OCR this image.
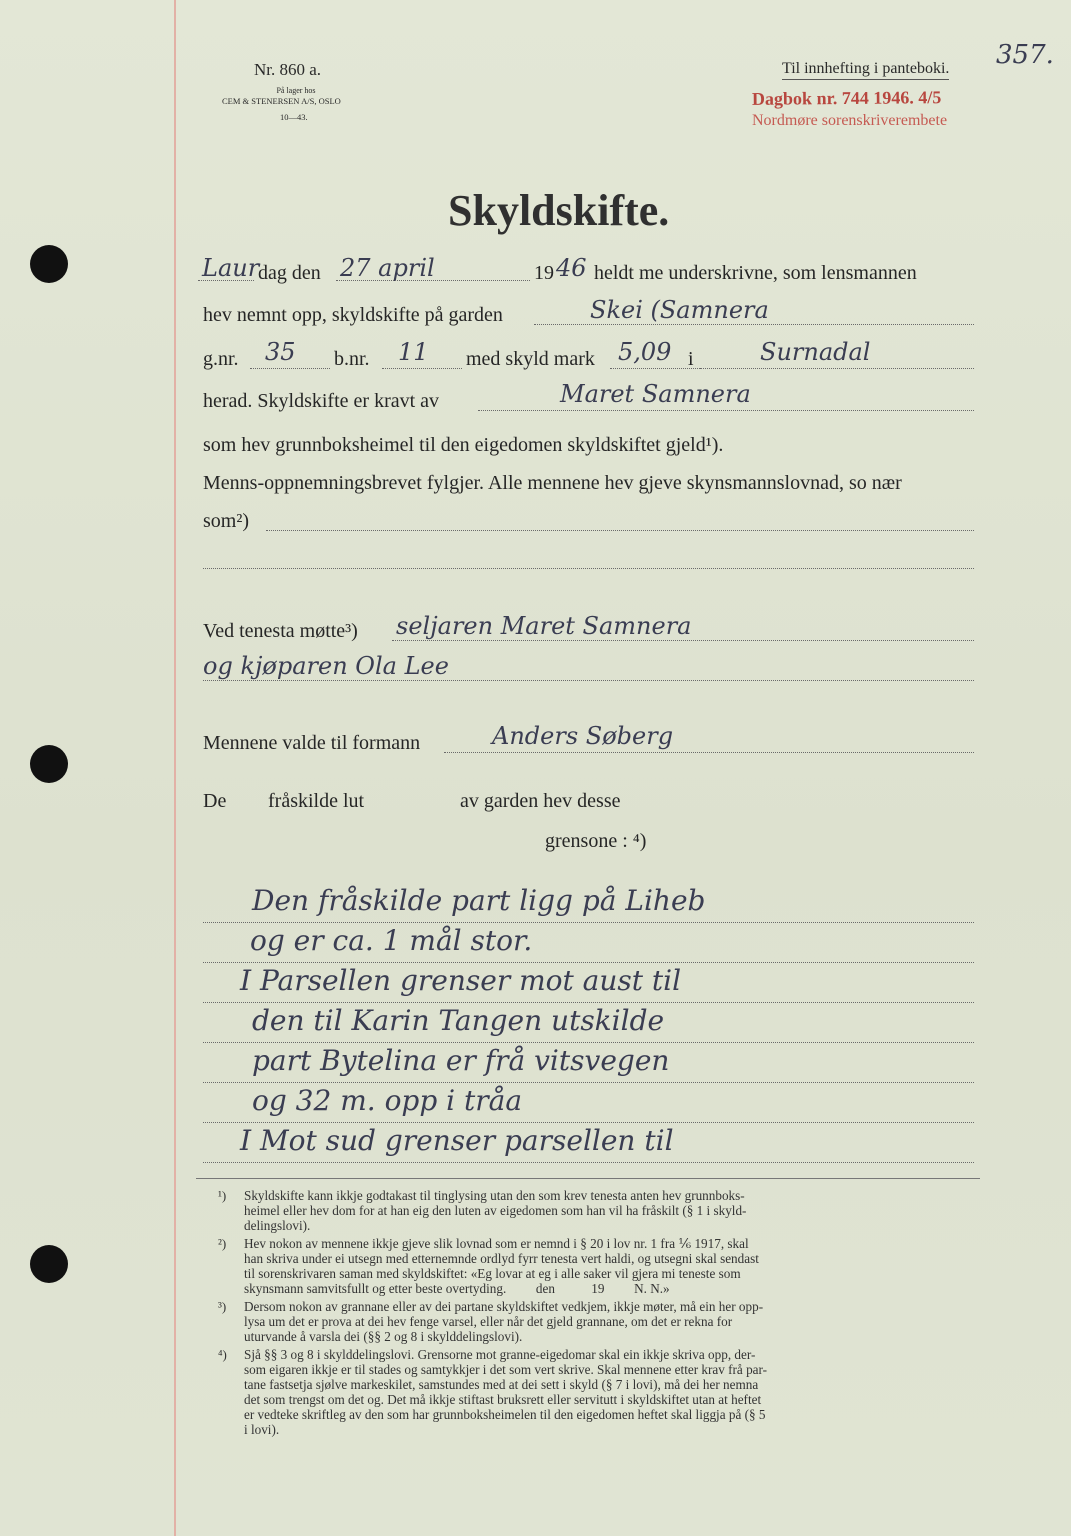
Nr. 860 a.
På lager hos
CEM & STENERSEN A/S, OSLO
10—43.
Til innhefting i panteboki. 357.
Dagbok nr. 744 1946. 4/5
Nordmøre sorenskriverembete
Skyldskifte.
Laur
dag den 27 april	19 46 heldt me underskrivne, som lensmannen
hev nemnt opp, skyldskifte på garden	Skei (Samnera
g.nr. 35 b.nr. 11 med skyld mark 5,09 i	Surnadal
herad. Skyldskifte er kravt av	Maret Samnera
som hev grunnboksheimel til den eigedomen skyldskiftet gjeld¹).
Menns-oppnemningsbrevet fylgjer. Alle mennene hev gjeve skynsmannslovnad, so nær
som²)
Ved tenesta møtte³) seljaren Maret Samnera
og kjøparen Ola Lee
Mennene valde til formann	Anders Søberg
De fråskilde lut	av garden hev desse
grensone : ⁴)
Den fråskilde part ligg på Liheb
og er ca. 1 mål stor.
I Parsellen grenser mot aust til
den til Karin Tangen utskilde
part Bytelina er frå vitsvegen
og 32 m. opp i tråa
I Mot sud grenser parsellen til
¹) Skyldskifte kann ikkje godtakast til tinglysing utan den som krev tenesta anten hev grunnboks-
heimel eller hev dom for at han eig den luten av eigedomen som han vil ha fråskilt (§ 1 i skyld-
delingslovi).
²) Hev nokon av mennene ikkje gjeve slik lovnad som er nemnd i § 20 i lov nr. 1 fra ⅙ 1917, skal
han skriva under ei utsegn med etternemnde ordlyd fyrr tenesta vert haldi, og utsegni skal sendast
til sorenskrivaren saman med skyldskiftet: «Eg lovar at eg i alle saker vil gjera mi teneste som
skynsmann samvitsfullt og etter beste overtyding.         den           19         N. N.»
³) Dersom nokon av grannane eller av dei partane skyldskiftet vedkjem, ikkje møter, må ein her opp-
lysa um det er prova at dei hev fenge varsel, eller når det gjeld grannane, om det er rekna for
uturvande å varsla dei (§§ 2 og 8 i skylddelingslovi).
⁴) Sjå §§ 3 og 8 i skylddelingslovi. Grensorne mot granne-eigedomar skal ein ikkje skriva opp, der-
som eigaren ikkje er til stades og samtykkjer i det som vert skrive. Skal mennene etter krav frå par-
tane fastsetja sjølve markeskilet, samstundes med at dei sett i skyld (§ 7 i lovi), må dei her nemna
det som trengst om det og. Det må ikkje stiftast bruksrett eller servitutt i skyldskiftet utan at heftet
er vedteke skriftleg av den som har grunnboksheimelen til den eigedomen heftet skal liggja på (§ 5
i lovi).
